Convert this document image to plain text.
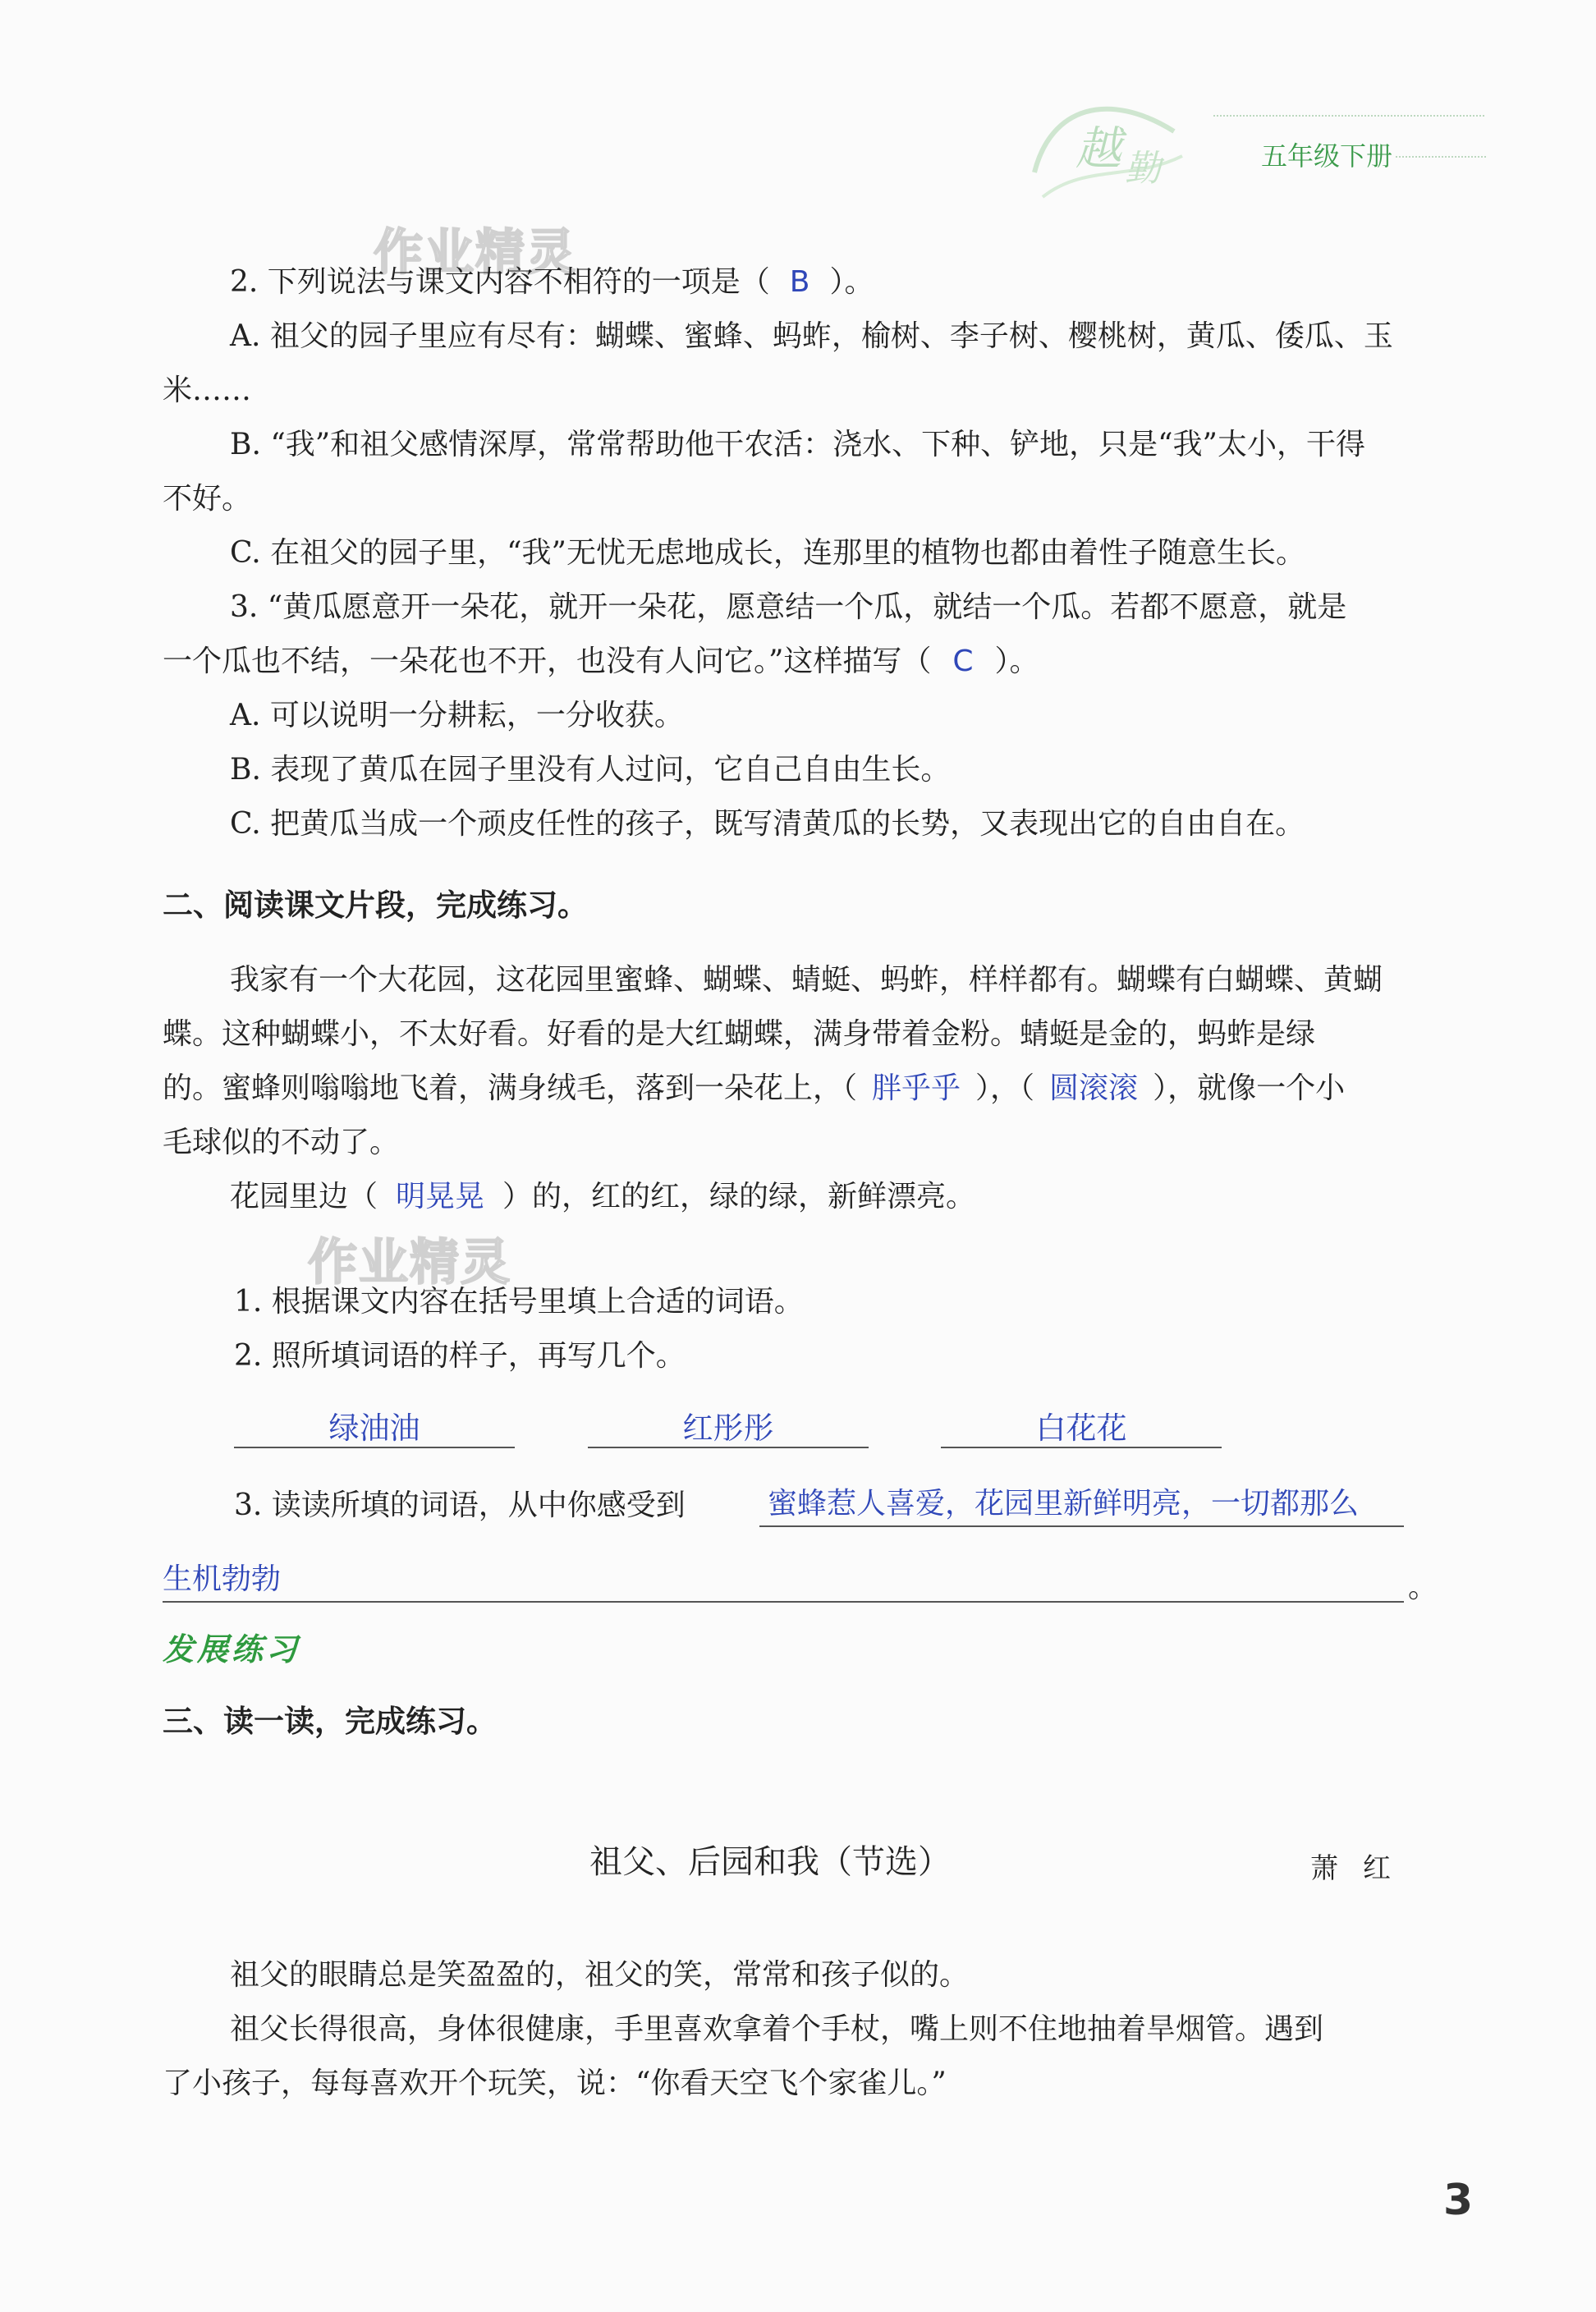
越 勤	五年级下册
作业精灵
作业精灵
2. 下列说法与课文内容不相符的一项是（ B ）。
A. 祖父的园子里应有尽有：蝴蝶、蜜蜂、蚂蚱，榆树、李子树、樱桃树，黄瓜、倭瓜、玉
米……
B. “我”和祖父感情深厚，常常帮助他干农活：浇水、下种、铲地，只是“我”太小，干得
不好。
C. 在祖父的园子里，“我”无忧无虑地成长，连那里的植物也都由着性子随意生长。
3. “黄瓜愿意开一朵花，就开一朵花，愿意结一个瓜，就结一个瓜。若都不愿意，就是
一个瓜也不结，一朵花也不开，也没有人问它。”这样描写（ C ）。
A. 可以说明一分耕耘，一分收获。
B. 表现了黄瓜在园子里没有人过问，它自己自由生长。
C. 把黄瓜当成一个顽皮任性的孩子，既写清黄瓜的长势，又表现出它的自由自在。
二、阅读课文片段，完成练习。
我家有一个大花园，这花园里蜜蜂、蝴蝶、蜻蜓、蚂蚱，样样都有。蝴蝶有白蝴蝶、黄蝴
蝶。这种蝴蝶小，不太好看。好看的是大红蝴蝶，满身带着金粉。蜻蜓是金的，蚂蚱是绿
的。蜜蜂则嗡嗡地飞着，满身绒毛，落到一朵花上，（ 胖乎乎 ），（ 圆滚滚 ），就像一个小
毛球似的不动了。
花园里边（ 明晃晃 ）的，红的红，绿的绿，新鲜漂亮。
1. 根据课文内容在括号里填上合适的词语。
2. 照所填词语的样子，再写几个。
绿油油	红彤彤	白花花
3. 读读所填的词语，从中你感受到	蜜蜂惹人喜爱，花园里新鲜明亮，一切都那么
生机勃勃	。
发展练习
三、读一读，完成练习。
祖父、后园和我（节选）	萧红
祖父的眼睛总是笑盈盈的，祖父的笑，常常和孩子似的。
祖父长得很高，身体很健康，手里喜欢拿着个手杖，嘴上则不住地抽着旱烟管。遇到
了小孩子，每每喜欢开个玩笑，说：“你看天空飞个家雀儿。”
3
